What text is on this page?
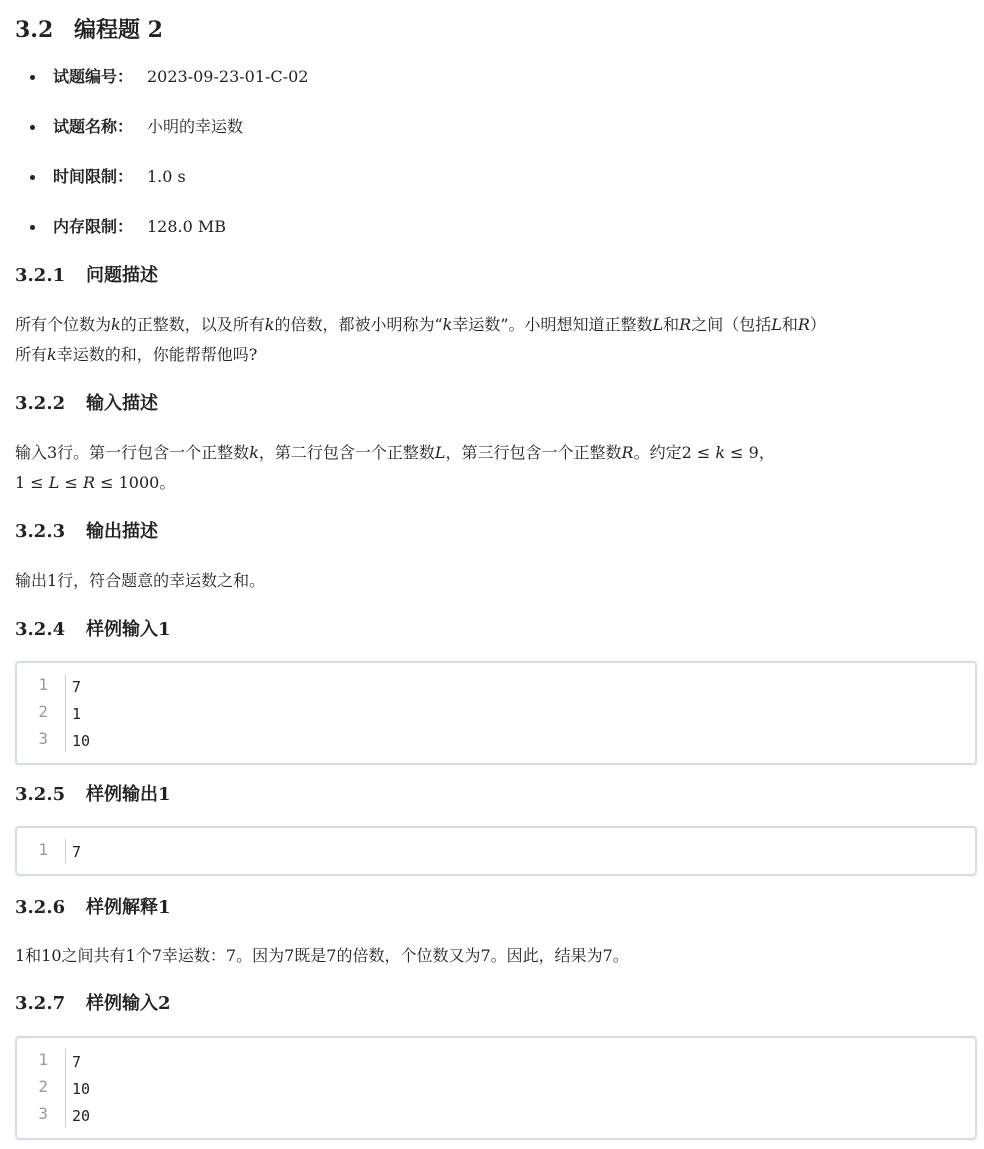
3.2 编程题 2
试题编号： 2023-09-23-01-C-02
试题名称： 小明的幸运数
时间限制： 1.0 s
内存限制： 128.0 MB
3.2.1 问题描述

所有个位数为k的正整数，以及所有k的倍数，都被小明称为“k幸运数”。小明想知道正整数L和R之间（包括L和R）
所有k幸运数的和，你能帮帮他吗?

3.2.2 输入描述

输入3行。第一行包含一个正整数k，第二行包含一个正整数L，第三行包含一个正整数R。约定2 ≤ k ≤ 9，
1 ≤ L ≤ R ≤ 1000。

3.2.3 输出描述

输出1行，符合题意的幸运数之和。

3.2.4 样例输入1
1 7
2 1
3 10
3.2.5 样例输出1
1 7
3.2.6 样例解释1

1和10之间共有1个7幸运数：7。因为7既是7的倍数，个位数又为7。因此，结果为7。

3.2.7 样例输入2
1 7
2 10
3 20
